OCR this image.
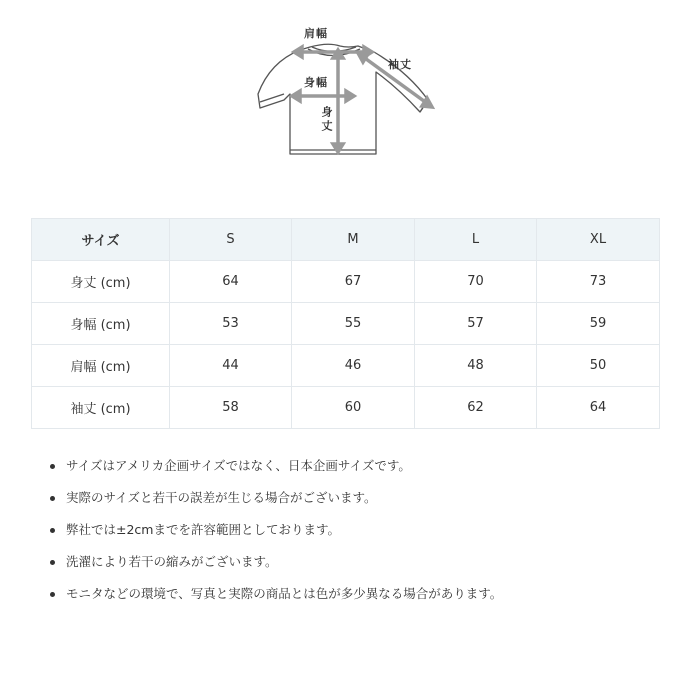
肩幅
袖丈
身幅
身丈
サイズ	S	M	L	XL
身丈 (cm)	64	67	70	73
身幅 (cm)	53	55	57	59
肩幅 (cm)	44	46	48	50
袖丈 (cm)	58	60	62	64
サイズはアメリカ企画サイズではなく、日本企画サイズです。
実際のサイズと若干の誤差が生じる場合がございます。
弊社では±2cmまでを許容範囲としております。
洗濯により若干の縮みがございます。
モニタなどの環境で、写真と実際の商品とは色が多少異なる場合があります。
